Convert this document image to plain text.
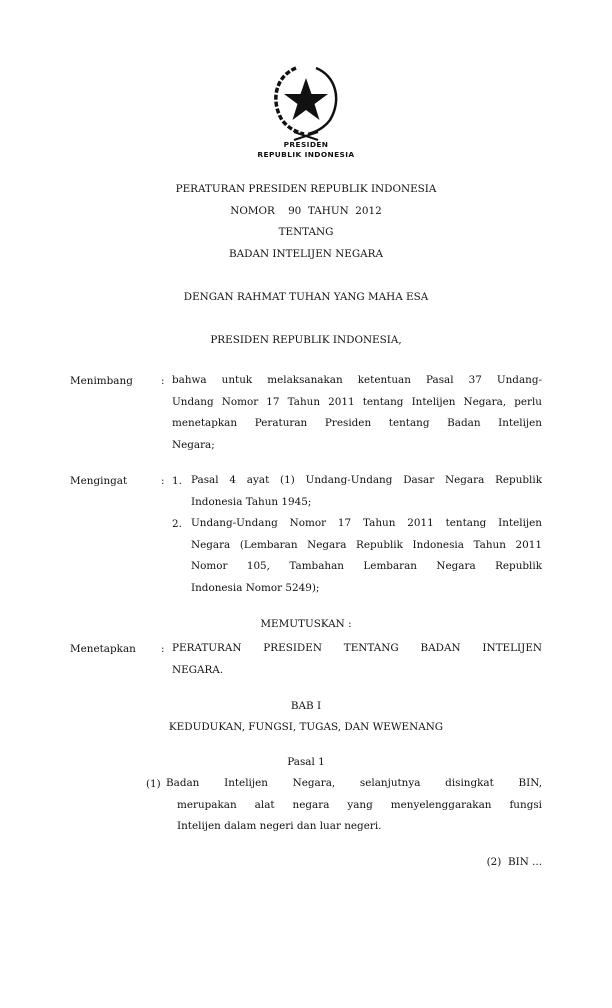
PRESIDEN
REPUBLIK INDONESIA
PERATURAN PRESIDEN REPUBLIK INDONESIA
NOMOR    90  TAHUN  2012
TENTANG
BADAN INTELIJEN NEGARA
DENGAN RAHMAT TUHAN YANG MAHA ESA
PRESIDEN REPUBLIK INDONESIA,
Menimbang	: bahwa untuk melaksanakan ketentuan Pasal 37 Undang-
Undang Nomor 17 Tahun 2011 tentang Intelijen Negara, perlu
menetapkan Peraturan Presiden tentang Badan Intelijen
Negara;
Mengingat	: 1. Pasal 4 ayat (1) Undang-Undang Dasar Negara Republik
Indonesia Tahun 1945;
2. Undang-Undang Nomor 17 Tahun 2011 tentang Intelijen
Negara (Lembaran Negara Republik Indonesia Tahun 2011
Nomor 105, Tambahan Lembaran Negara Republik
Indonesia Nomor 5249);
MEMUTUSKAN :
Menetapkan : PERATURAN PRESIDEN TENTANG BADAN INTELIJEN
NEGARA.
BAB I
KEDUDUKAN, FUNGSI, TUGAS, DAN WEWENANG
Pasal 1
(1) Badan Intelijen Negara, selanjutnya disingkat BIN,
merupakan alat negara yang menyelenggarakan fungsi
Intelijen dalam negeri dan luar negeri.
(2)  BIN ...
